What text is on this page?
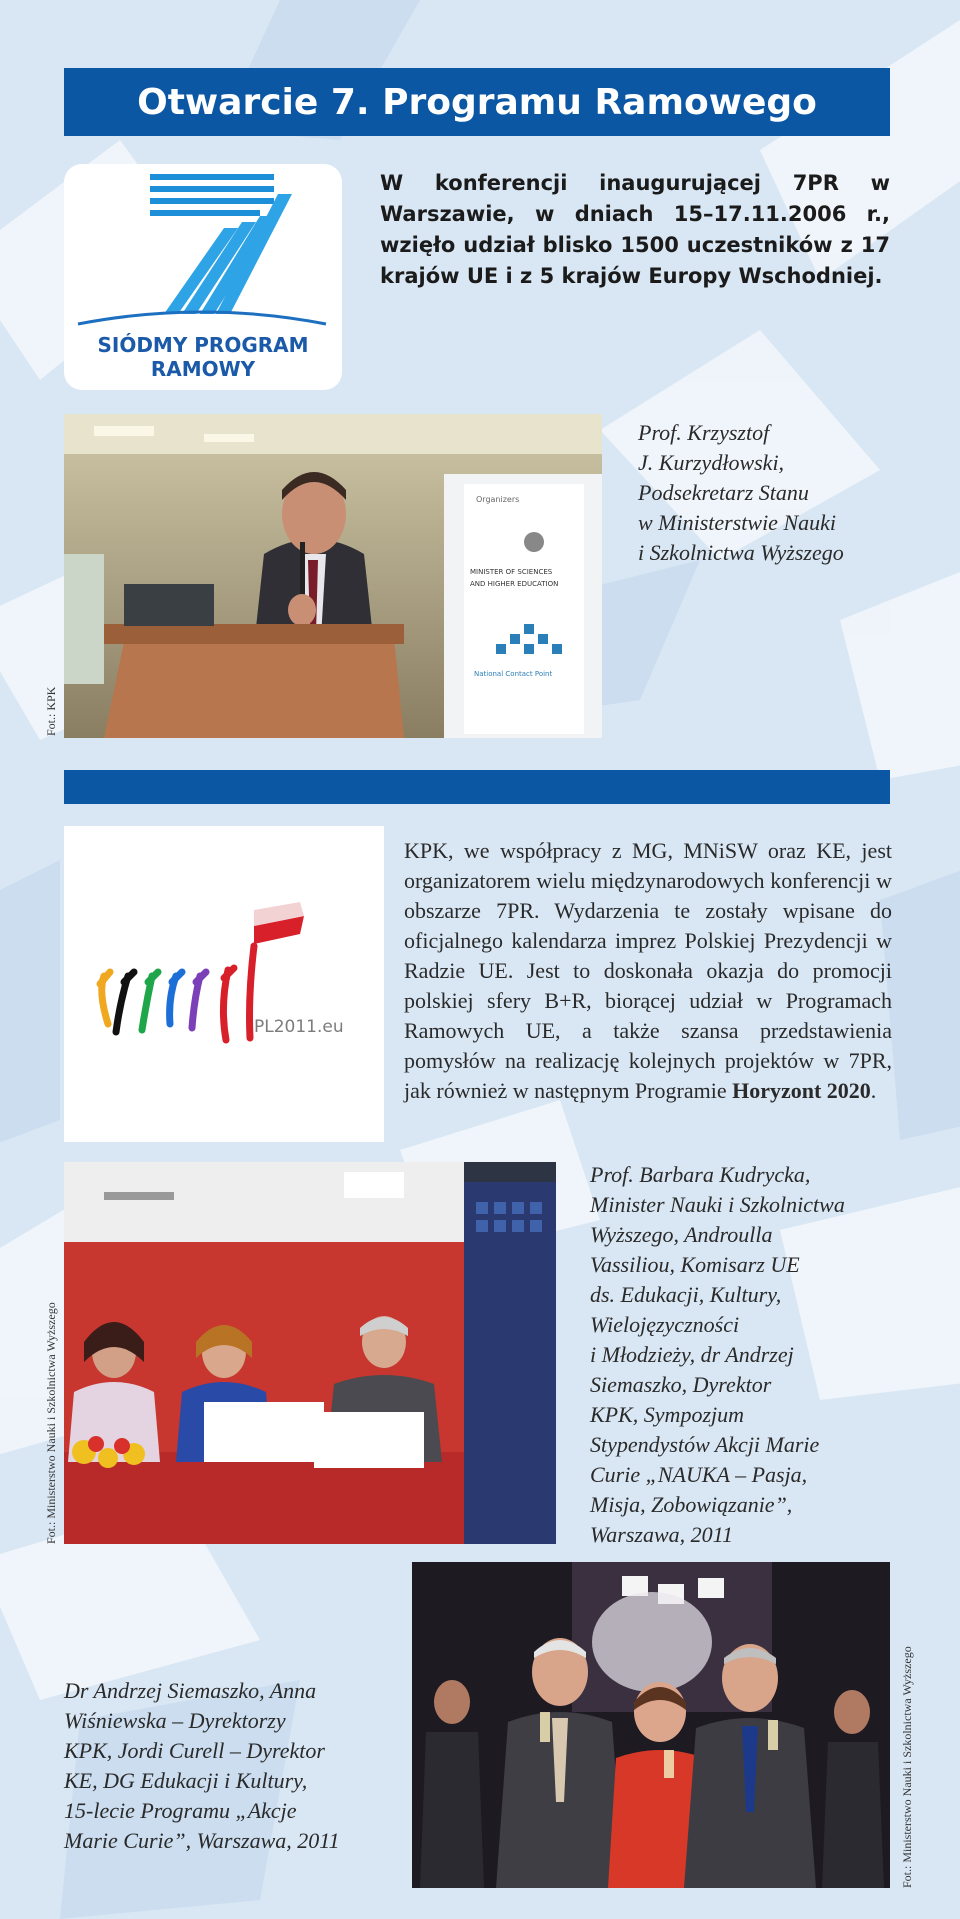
Otwarcie 7. Programu Ramowego
SIÓDMY PROGRAM
RAMOWY
W konferencji inaugurującej 7PR w Warszawie, w dniach 15–17.11.2006 r., wzięło udział blisko 1500 uczestników z 17 krajów UE i z 5 krajów Europy Wschodniej.
Organizers
MINISTER OF SCIENCES
AND HIGHER EDUCATION
National Contact Point
Prof. Krzysztof
J. Kurzydłowski,
Podsekretarz Stanu
w Ministerstwie Nauki
i Szkolnictwa Wyższego
Fot.: KPK
PL2011.eu
KPK, we współpracy z MG, MNiSW oraz KE, jest organizatorem wielu międzynarodowych konferencji w obszarze 7PR. Wydarzenia te zostały wpisane do oficjalnego kalendarza imprez Polskiej Prezydencji w Radzie UE. Jest to doskonała okazja do promocji polskiej sfery B+R, biorącej udział w Programach Ramowych UE, a także szansa przedstawienia pomysłów na realizację kolejnych projektów w 7PR, jak również w następnym Programie Horyzont 2020.
Prof. Barbara Kudrycka,
Minister Nauki i Szkolnictwa
Wyższego, Androulla
Vassiliou, Komisarz UE
ds. Edukacji, Kultury,
Wielojęzyczności
i Młodzieży, dr Andrzej
Siemaszko, Dyrektor
KPK, Sympozjum
Stypendystów Akcji Marie
Curie „NAUKA – Pasja,
Misja, Zobowiązanie”,
Warszawa, 2011
Fot.: Ministerstwo Nauki i Szkolnictwa Wyższego
Dr Andrzej Siemaszko, Anna
Wiśniewska – Dyrektorzy
KPK, Jordi Curell – Dyrektor
KE, DG Edukacji i Kultury,
15-lecie Programu „Akcje
Marie Curie”, Warszawa, 2011	Fot.: Ministerstwo Nauki i Szkolnictwa Wyższego
